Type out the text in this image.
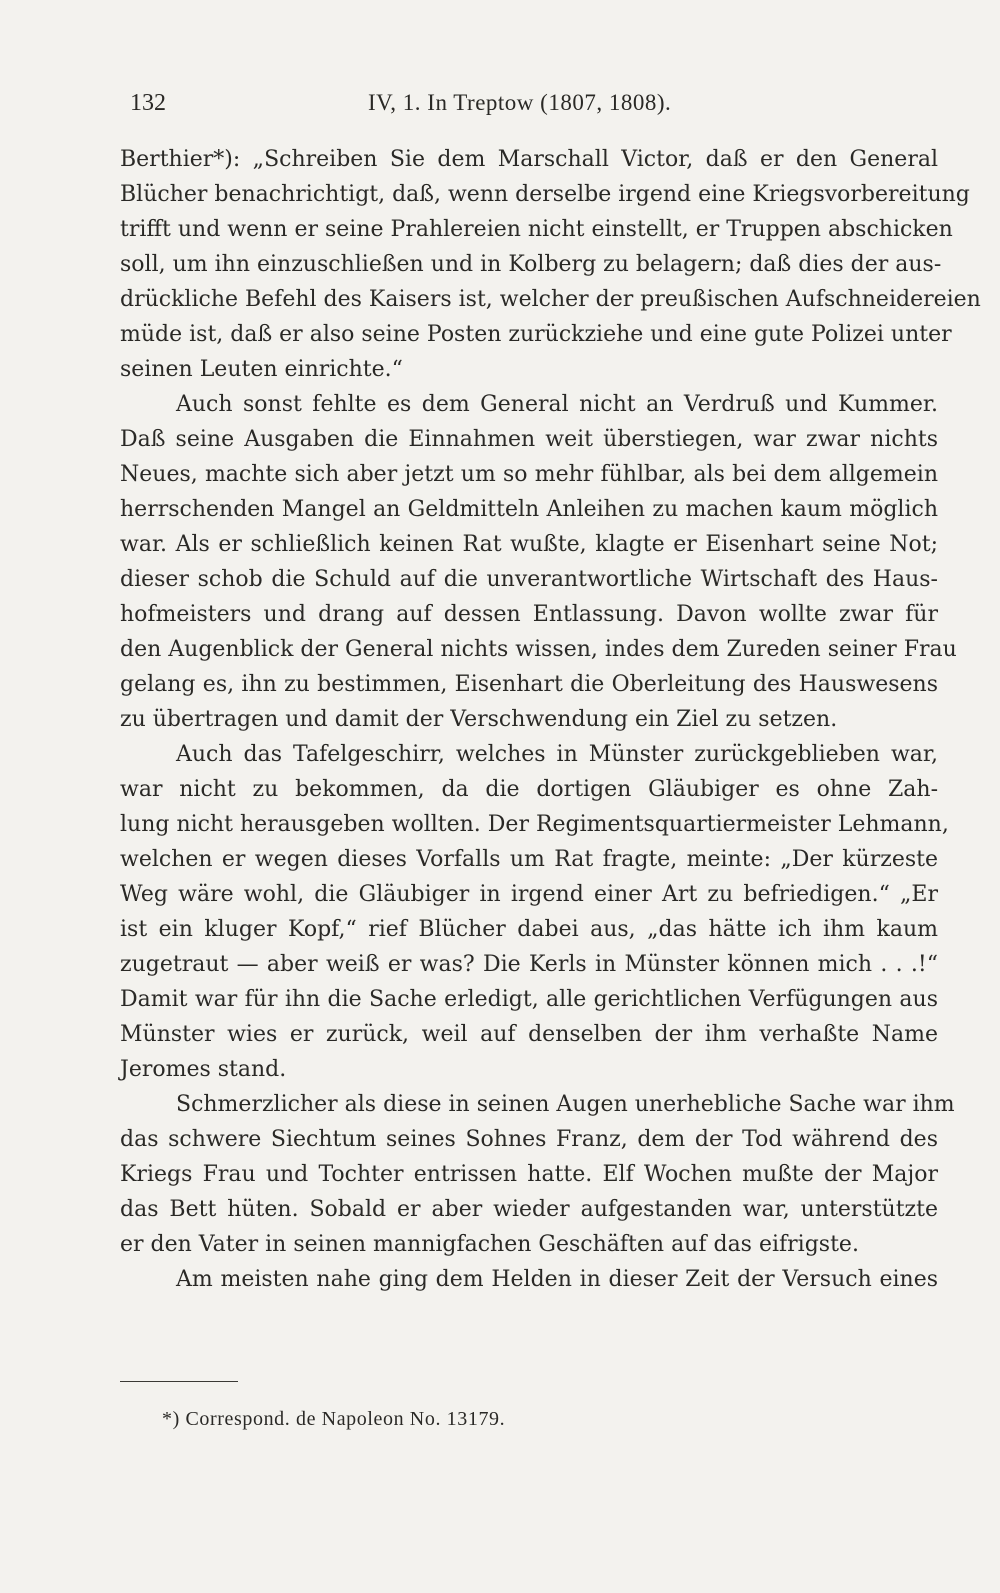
132	IV, 1. In Treptow (1807, 1808).
Berthier*): „Schreiben Sie dem Marschall Victor, daß er den General
Blücher benachrichtigt, daß, wenn derselbe irgend eine Kriegsvorbereitung
trifft und wenn er seine Prahlereien nicht einstellt, er Truppen abschicken
soll, um ihn einzuschließen und in Kolberg zu belagern; daß dies der aus-
drückliche Befehl des Kaisers ist, welcher der preußischen Aufschneidereien
müde ist, daß er also seine Posten zurückziehe und eine gute Polizei unter
seinen Leuten einrichte.“
Auch sonst fehlte es dem General nicht an Verdruß und Kummer.
Daß seine Ausgaben die Einnahmen weit überstiegen, war zwar nichts
Neues, machte sich aber jetzt um so mehr fühlbar, als bei dem allgemein
herrschenden Mangel an Geldmitteln Anleihen zu machen kaum möglich
war. Als er schließlich keinen Rat wußte, klagte er Eisenhart seine Not;
dieser schob die Schuld auf die unverantwortliche Wirtschaft des Haus-
hofmeisters und drang auf dessen Entlassung. Davon wollte zwar für
den Augenblick der General nichts wissen, indes dem Zureden seiner Frau
gelang es, ihn zu bestimmen, Eisenhart die Oberleitung des Hauswesens
zu übertragen und damit der Verschwendung ein Ziel zu setzen.
Auch das Tafelgeschirr, welches in Münster zurückgeblieben war,
war nicht zu bekommen, da die dortigen Gläubiger es ohne Zah-
lung nicht herausgeben wollten. Der Regimentsquartiermeister Lehmann,
welchen er wegen dieses Vorfalls um Rat fragte, meinte: „Der kürzeste
Weg wäre wohl, die Gläubiger in irgend einer Art zu befriedigen.“ „Er
ist ein kluger Kopf,“ rief Blücher dabei aus, „das hätte ich ihm kaum
zugetraut — aber weiß er was? Die Kerls in Münster können mich . . .!“
Damit war für ihn die Sache erledigt, alle gerichtlichen Verfügungen aus
Münster wies er zurück, weil auf denselben der ihm verhaßte Name
Jeromes stand.
Schmerzlicher als diese in seinen Augen unerhebliche Sache war ihm
das schwere Siechtum seines Sohnes Franz, dem der Tod während des
Kriegs Frau und Tochter entrissen hatte. Elf Wochen mußte der Major
das Bett hüten. Sobald er aber wieder aufgestanden war, unterstützte
er den Vater in seinen mannigfachen Geschäften auf das eifrigste.
Am meisten nahe ging dem Helden in dieser Zeit der Versuch eines
*) Correspond. de Napoleon No. 13179.
